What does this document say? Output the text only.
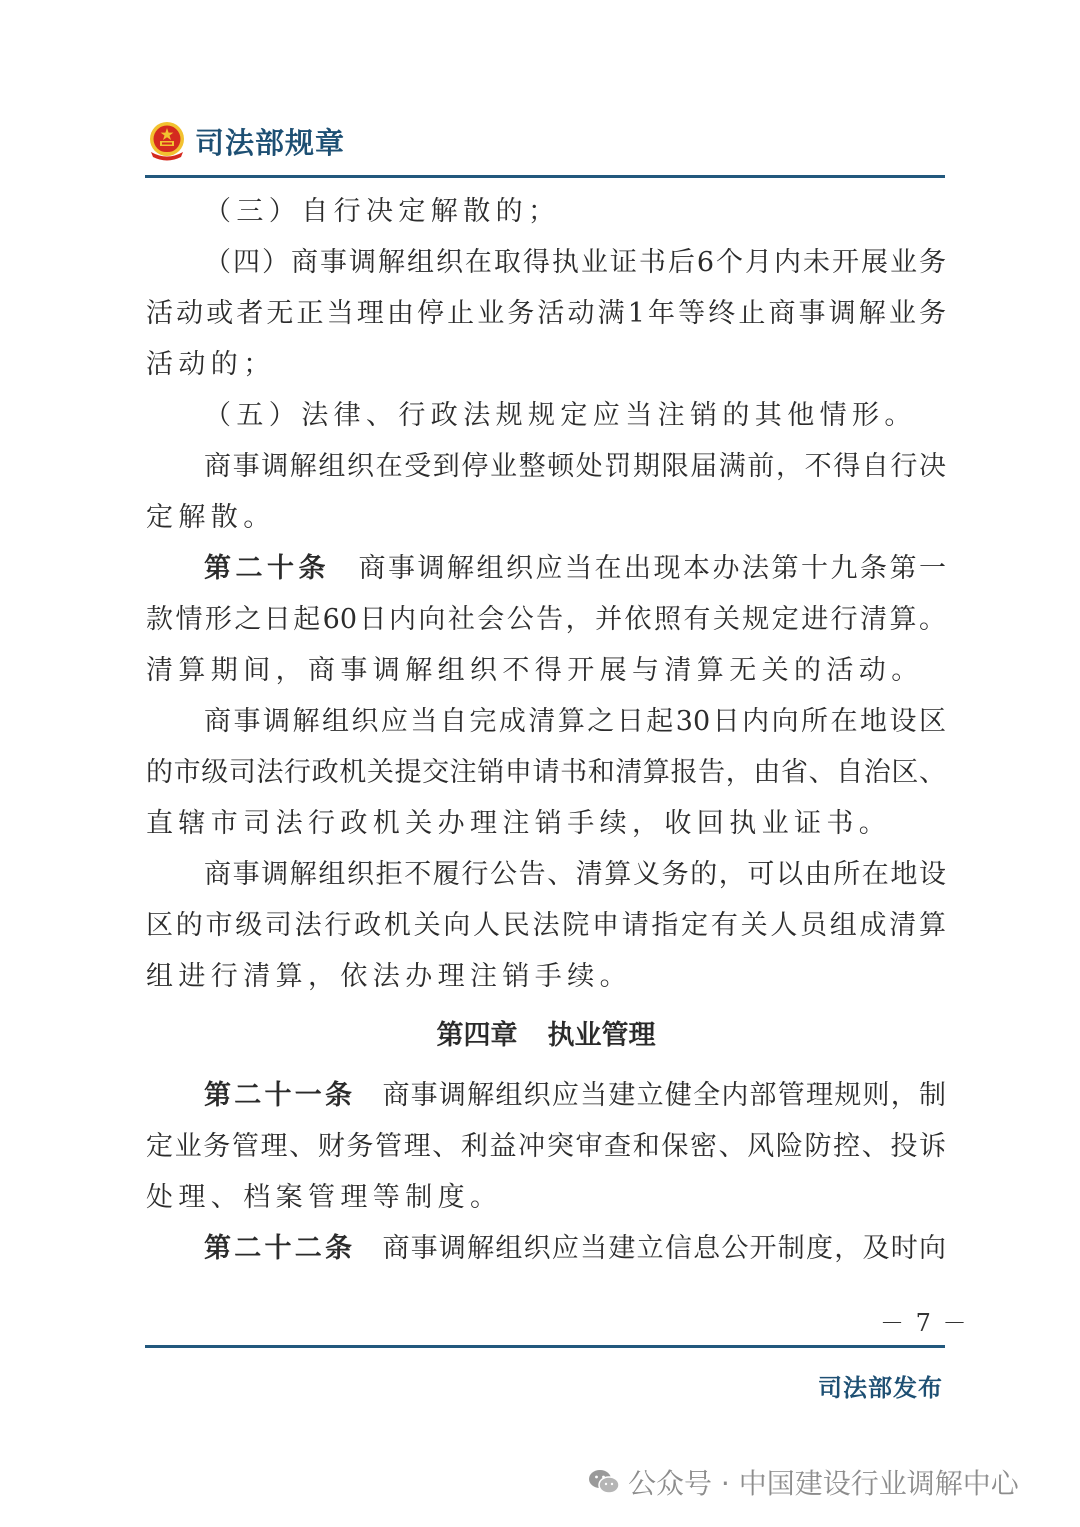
司法部规章
（三）自行决定解散的；
（四）商事调解组织在取得执业证书后6个月内未开展业务
活动或者无正当理由停止业务活动满1年等终止商事调解业务
活动的；
（五）法律、行政法规规定应当注销的其他情形。
商事调解组织在受到停业整顿处罚期限届满前，不得自行决
定解散。
第二十条 商事调解组织应当在出现本办法第十九条第一
款情形之日起60日内向社会公告，并依照有关规定进行清算。
清算期间，商事调解组织不得开展与清算无关的活动。
商事调解组织应当自完成清算之日起30日内向所在地设区
的市级司法行政机关提交注销申请书和清算报告，由省、自治区、
直辖市司法行政机关办理注销手续，收回执业证书。
商事调解组织拒不履行公告、清算义务的，可以由所在地设
区的市级司法行政机关向人民法院申请指定有关人员组成清算
组进行清算，依法办理注销手续。
第四章 执业管理
第二十一条 商事调解组织应当建立健全内部管理规则，制
定业务管理、财务管理、利益冲突审查和保密、风险防控、投诉
处理、档案管理等制度。
第二十二条 商事调解组织应当建立信息公开制度，及时向
－ 7 －
司法部发布
公众号 · 中国建设行业调解中心
